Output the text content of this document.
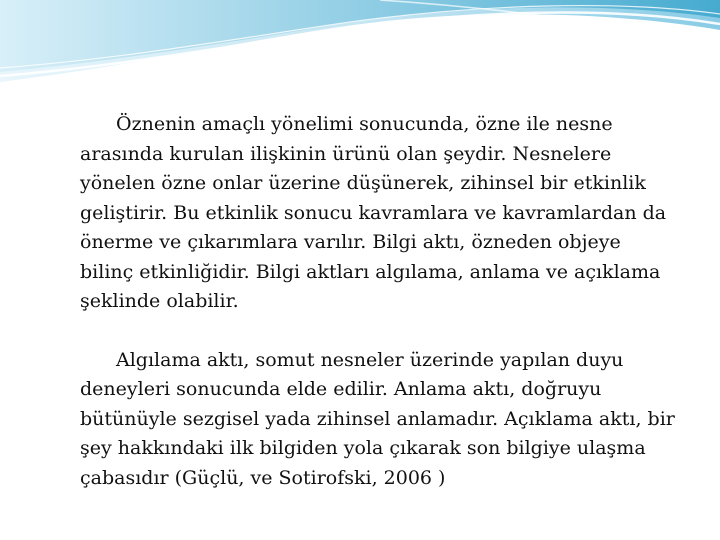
Öznenin amaçlı yönelimi sonucunda, özne ile nesne arasında kurulan ilişkinin ürünü olan şeydir. Nesnelere yönelen özne onlar üzerine düşünerek, zihinsel bir etkinlik geliştirir. Bu etkinlik sonucu kavramlara ve kavramlardan da önerme ve çıkarımlara varılır. Bilgi aktı, özneden objeye bilinç etkinliğidir. Bilgi aktları algılama, anlama ve açıklama şeklinde olabilir.

Algılama aktı, somut nesneler üzerinde yapılan duyu deneyleri sonucunda elde edilir. Anlama aktı, doğruyu bütünüyle sezgisel yada zihinsel anlamadır. Açıklama aktı, bir şey hakkındaki ilk bilgiden yola çıkarak son bilgiye ulaşma çabasıdır (Güçlü, ve Sotirofski, 2006 )
